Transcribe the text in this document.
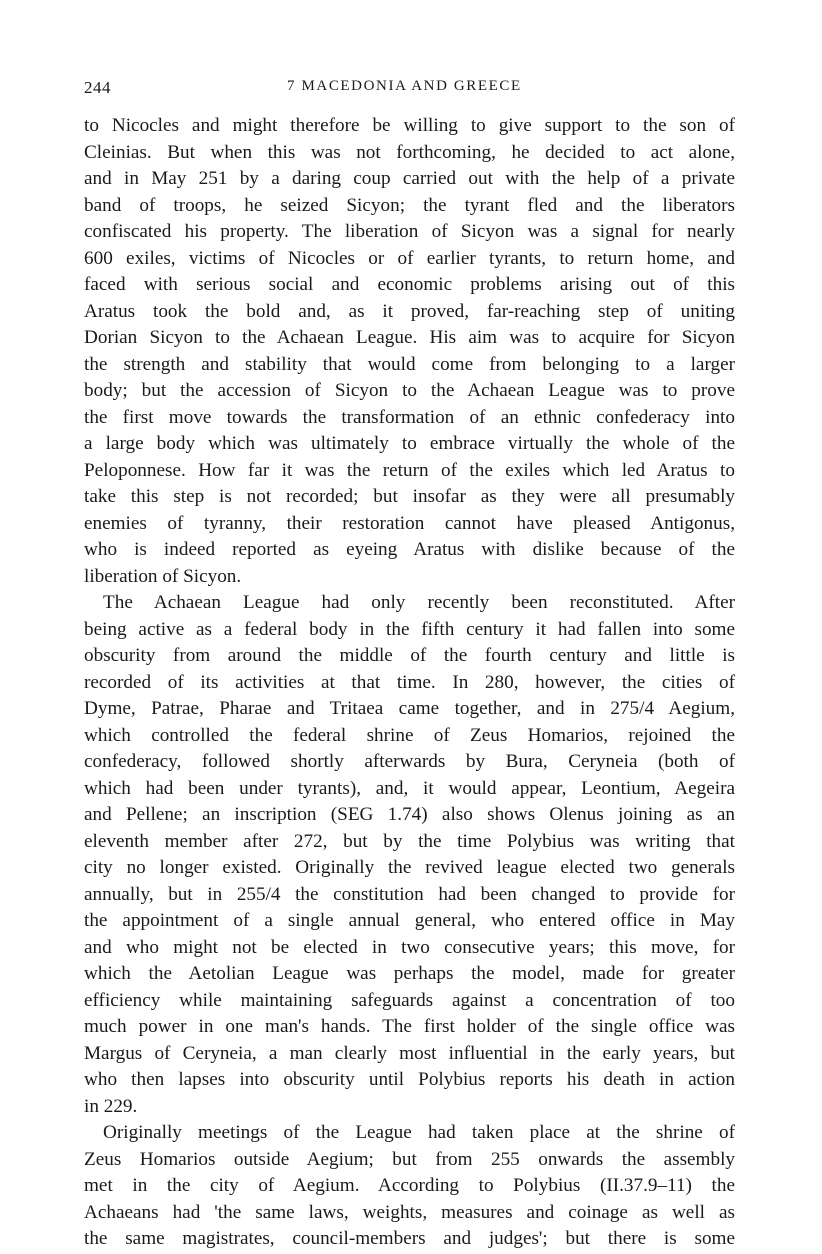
244	7 MACEDONIA AND GREECE
to Nicocles and might therefore be willing to give support to the son of
Cleinias. But when this was not forthcoming, he decided to act alone,
and in May 251 by a daring coup carried out with the help of a private
band of troops, he seized Sicyon; the tyrant fled and the liberators
confiscated his property. The liberation of Sicyon was a signal for nearly
600 exiles, victims of Nicocles or of earlier tyrants, to return home, and
faced with serious social and economic problems arising out of this
Aratus took the bold and, as it proved, far-reaching step of uniting
Dorian Sicyon to the Achaean League. His aim was to acquire for Sicyon
the strength and stability that would come from belonging to a larger
body; but the accession of Sicyon to the Achaean League was to prove
the first move towards the transformation of an ethnic confederacy into
a large body which was ultimately to embrace virtually the whole of the
Peloponnese. How far it was the return of the exiles which led Aratus to
take this step is not recorded; but insofar as they were all presumably
enemies of tyranny, their restoration cannot have pleased Antigonus,
who is indeed reported as eyeing Aratus with dislike because of the
liberation of Sicyon.
The Achaean League had only recently been reconstituted. After
being active as a federal body in the fifth century it had fallen into some
obscurity from around the middle of the fourth century and little is
recorded of its activities at that time. In 280, however, the cities of
Dyme, Patrae, Pharae and Tritaea came together, and in 275/4 Aegium,
which controlled the federal shrine of Zeus Homarios, rejoined the
confederacy, followed shortly afterwards by Bura, Ceryneia (both of
which had been under tyrants), and, it would appear, Leontium, Aegeira
and Pellene; an inscription (SEG 1.74) also shows Olenus joining as an
eleventh member after 272, but by the time Polybius was writing that
city no longer existed. Originally the revived league elected two generals
annually, but in 255/4 the constitution had been changed to provide for
the appointment of a single annual general, who entered office in May
and who might not be elected in two consecutive years; this move, for
which the Aetolian League was perhaps the model, made for greater
efficiency while maintaining safeguards against a concentration of too
much power in one man's hands. The first holder of the single office was
Margus of Ceryneia, a man clearly most influential in the early years, but
who then lapses into obscurity until Polybius reports his death in action
in 229.
Originally meetings of the League had taken place at the shrine of
Zeus Homarios outside Aegium; but from 255 onwards the assembly
met in the city of Aegium. According to Polybius (II.37.9–11) the
Achaeans had 'the same laws, weights, measures and coinage as well as
the same magistrates, council-members and judges'; but there is some
